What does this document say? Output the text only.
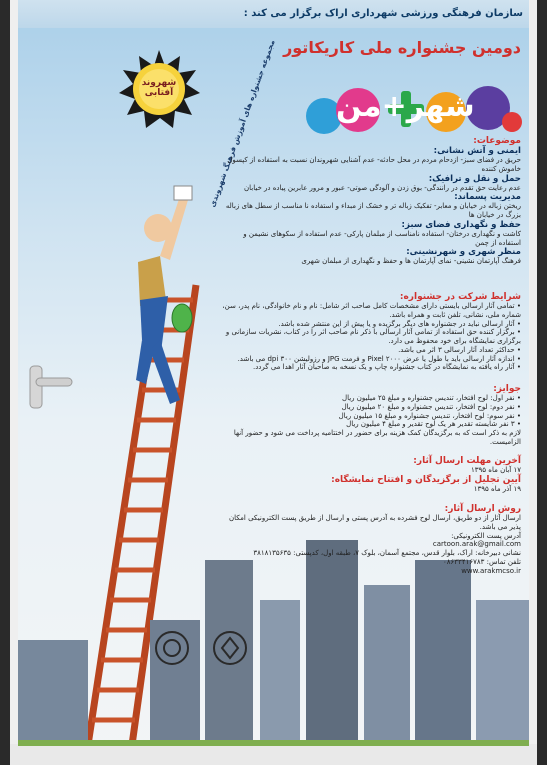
سازمان فرهنگی ورزشی شهرداری اراک برگزار می کند :
دومین جشنواره ملی کاریکاتور
شهر+من
مجموعه جشنواره های آموزش فرهنگ شهروندی
شهروند آفتابی

موضوعات:

ایمنی و آتش نشانی:

حریق در فضای سبز- ازدحام مردم در محل حادثه- عدم آشنایی شهروندان نسبت به استفاده از کپسول خاموش کننده

حمل و نقل و ترافیک:

عدم رعایت حق تقدم در رانندگی- بوق زدن و آلودگی صوتی- عبور و مرور عابرین پیاده در خیابان

مدیریت پسماند:

ریختن زباله در خیابان و معابر- تفکیک زباله تر و خشک از مبداء و استفاده نا مناسب از سطل های زباله بزرگ در خیابان ها

حفظ و نگهداری فضای سبز:

کاشت و نگهداری درختان- استفاده نامناسب از مبلمان پارکی- عدم استفاده از سکوهای نشیمن و استفاده از چمن

منظر شهری و شهرنشینی:

فرهنگ آپارتمان نشینی- نمای آپارتمان ها و حفظ و نگهداری از مبلمان شهری

شرایط شرکت در جشنواره:

• تمامی آثار ارسالی بایستی دارای مشخصات کامل صاحب اثر شامل: نام و نام خانوادگی، نام پدر، سن، شماره ملی، نشانی، تلفن ثابت و همراه باشد.

• آثار ارسالی نباید در جشنواره های دیگر برگزیده و یا پیش از این منتشر شده باشد.

• برگزار کننده حق استفاده از تمامی آثار ارسالی با ذکر نام صاحب اثر را در کتاب، نشریات سازمانی و برگزاری نمایشگاه برای خود محفوظ می دارد.

• حداکثر تعداد آثار ارسالی ۳ اثر می باشد.

• اندازه آثار ارسالی باید با طول یا عرض ۲۰۰۰ Pixel و فرمت JPG و رزولیشن ۳۰۰ dpi می باشد.

• آثار راه یافته به نمایشگاه در کتاب جشنواره چاپ و یک نسخه به صاحبان آثار اهدا می گردد.

جوایز:

• نفر اول: لوح افتخار، تندیس جشنواره و مبلغ ۲۵ میلیون ریال

• نفر دوم: لوح افتخار، تندیس جشنواره و مبلغ ۲۰ میلیون ریال

• نفر سوم: لوح افتخار، تندیس جشنواره و مبلغ ۱۵ میلیون ریال

• ۳ نفر شایسته تقدیر هر یک لوح تقدیر و مبلغ ۴ میلیون ریال

لازم به ذکر است که به برگزیدگان کمک هزینه برای حضور در اختتامیه پرداخت می شود و حضور آنها الزامیست.

آخرین مهلت ارسال آثار:

۱۷ آبان ماه ۱۳۹۵

آیین تجلیل از برگزیدگان و افتتاح نمایشگاه:

۱۹ آذر ماه ۱۳۹۵

روش ارسال آثار:

ارسال آثار از دو طریق، ارسال لوح فشرده به آدرس پستی و ارسال از طریق پست الکترونیکی امکان پذیر می باشد.

آدرس پست الکترونیکی:

cartoon.arak@gmail.com

نشانی دبیرخانه: اراک، بلوار قدس، مجتمع آسمان، بلوک ۷، طبقه اول، کدپستی: ۳۸۱۸۱۳۵۶۳۵

تلفن تماس: ۰۸۶۳۳۴۱۶۷۸۳

www.arakmcso.ir
